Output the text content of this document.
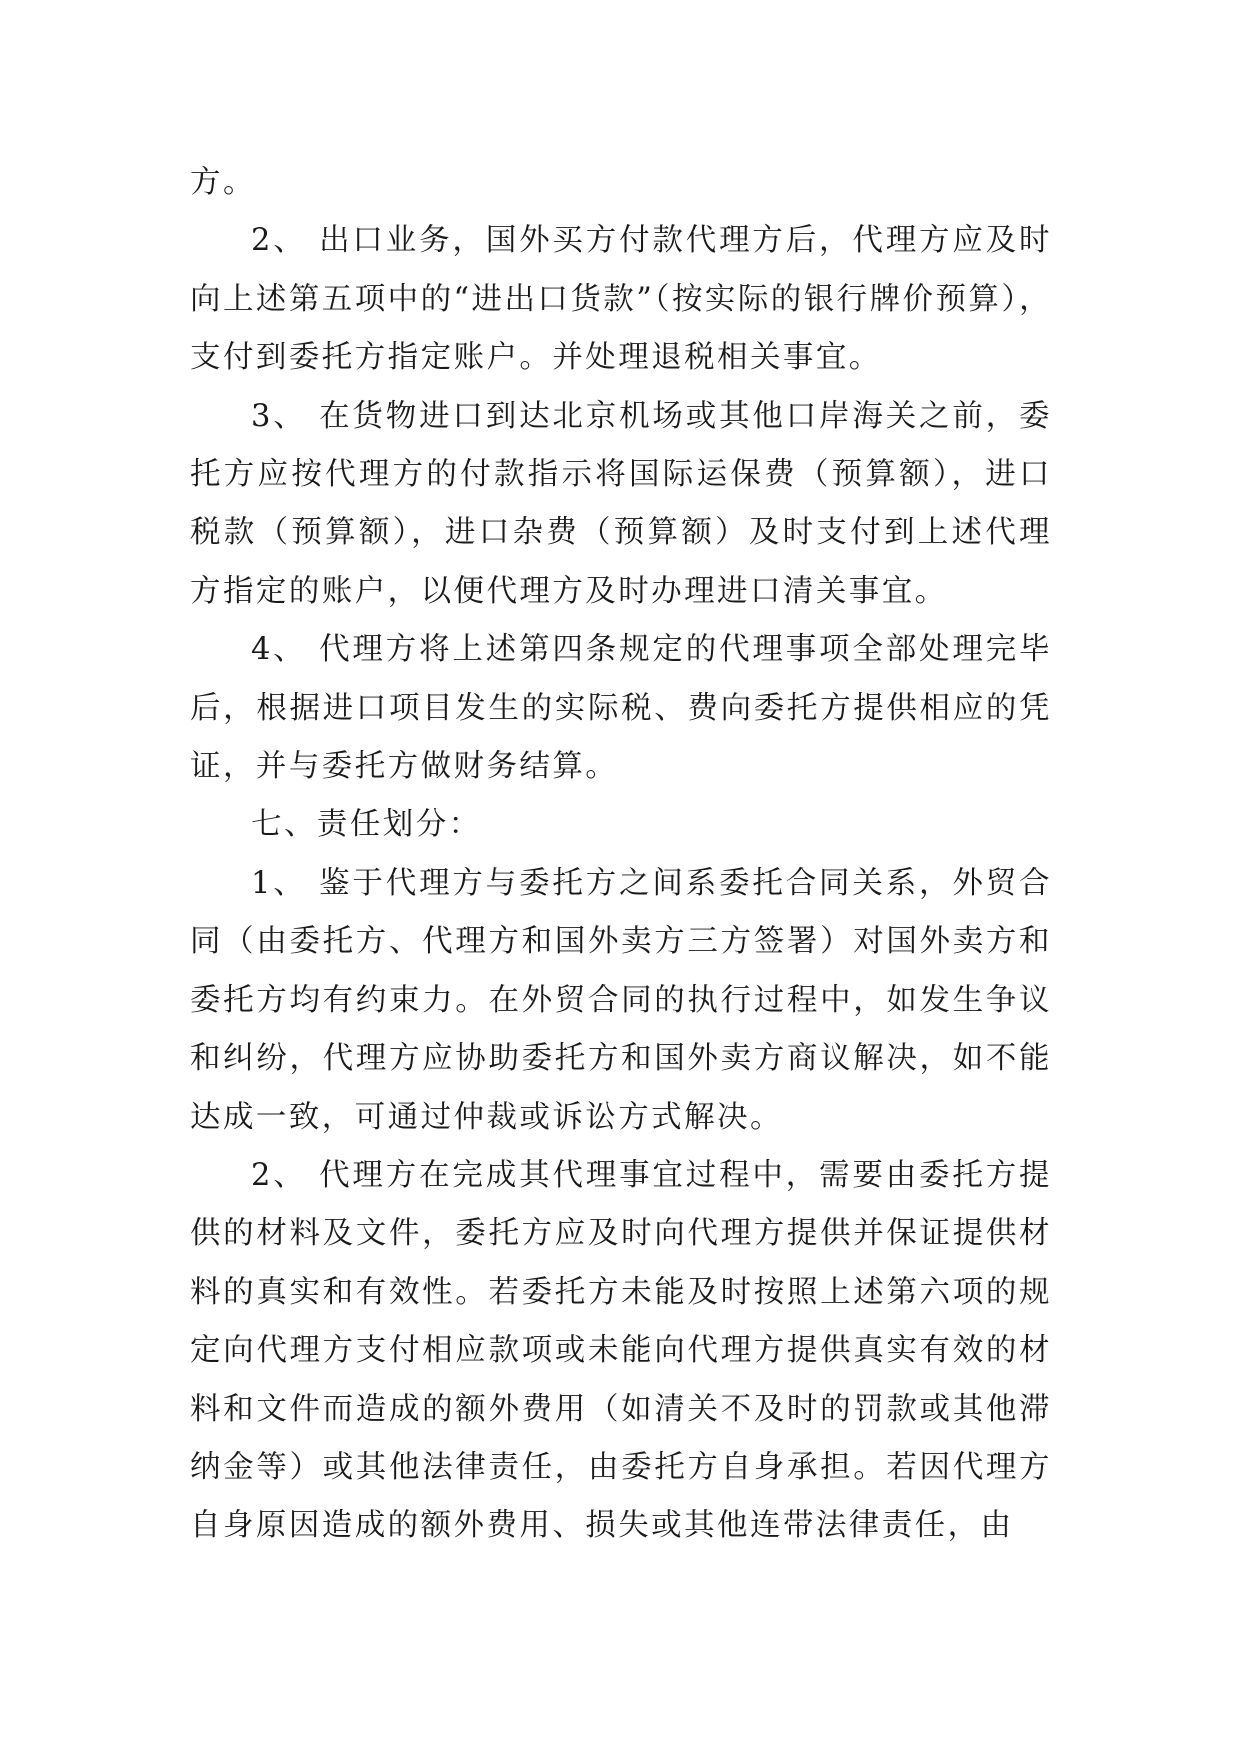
方。

2、 出口业务，国外买方付款代理方后，代理方应及时向上述第五项中的“进出口货款”（按实际的银行牌价预算），支付到委托方指定账户。并处理退税相关事宜。

3、 在货物进口到达北京机场或其他口岸海关之前，委托方应按代理方的付款指示将国际运保费（预算额），进口税款（预算额），进口杂费（预算额）及时支付到上述代理方指定的账户，以便代理方及时办理进口清关事宜。

4、 代理方将上述第四条规定的代理事项全部处理完毕后，根据进口项目发生的实际税、费向委托方提供相应的凭证，并与委托方做财务结算。

七、责任划分：

1、 鉴于代理方与委托方之间系委托合同关系，外贸合同（由委托方、代理方和国外卖方三方签署）对国外卖方和委托方均有约束力。在外贸合同的执行过程中，如发生争议和纠纷，代理方应协助委托方和国外卖方商议解决，如不能达成一致，可通过仲裁或诉讼方式解决。

2、 代理方在完成其代理事宜过程中，需要由委托方提供的材料及文件，委托方应及时向代理方提供并保证提供材料的真实和有效性。若委托方未能及时按照上述第六项的规定向代理方支付相应款项或未能向代理方提供真实有效的材料和文件而造成的额外费用（如清关不及时的罚款或其他滞纳金等）或其他法律责任，由委托方自身承担。若因代理方自身原因造成的额外费用、损失或其他连带法律责任，由
